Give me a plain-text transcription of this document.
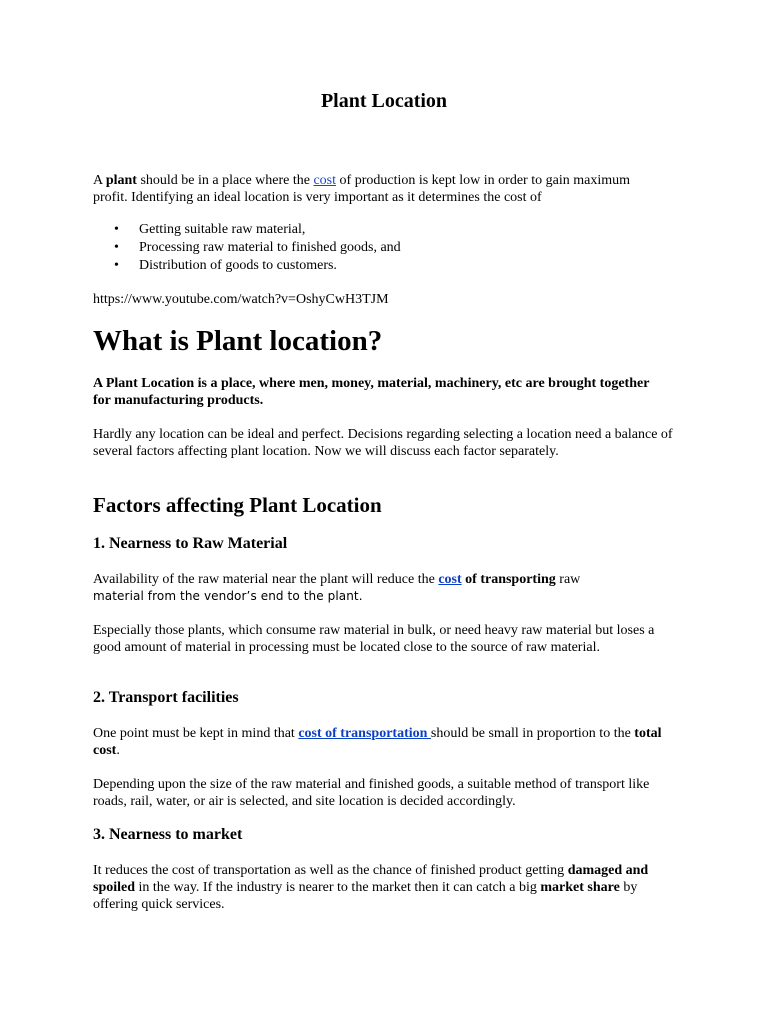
Plant Location

A plant should be in a place where the cost of production is kept low in order to gain maximum profit. Identifying an ideal location is very important as it determines the cost of

• Getting suitable raw material,
• Processing raw material to finished goods, and
• Distribution of goods to customers.

https://www.youtube.com/watch?v=OshyCwH3TJM

What is Plant location?

A Plant Location is a place, where men, money, material, machinery, etc are brought together for manufacturing products.

Hardly any location can be ideal and perfect. Decisions regarding selecting a location need a balance of several factors affecting plant location. Now we will discuss each factor separately.

Factors affecting Plant Location
1. Nearness to Raw Material

Availability of the raw material near the plant will reduce the cost of transporting raw
material from the vendor’s end to the plant.

Especially those plants, which consume raw material in bulk, or need heavy raw material but loses a good amount of material in processing must be located close to the source of raw material.

2. Transport facilities

One point must be kept in mind that cost of transportation should be small in proportion to the total cost.

Depending upon the size of the raw material and finished goods, a suitable method of transport like roads, rail, water, or air is selected, and site location is decided accordingly.

3. Nearness to market

It reduces the cost of transportation as well as the chance of finished product getting damaged and spoiled in the way. If the industry is nearer to the market then it can catch a big market share by offering quick services.
